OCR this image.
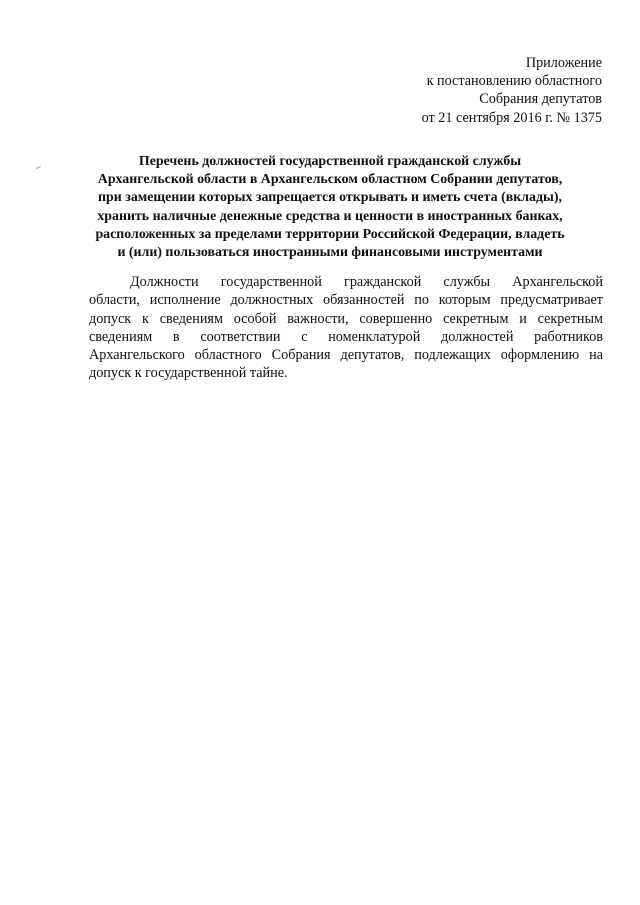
Приложение
к постановлению областного
Собрания депутатов
от 21 сентября 2016 г. № 1375
Перечень должностей государственной гражданской службы
Архангельской области в Архангельском областном Собрании депутатов,
при замещении которых запрещается открывать и иметь счета (вклады),
хранить наличные денежные средства и ценности в иностранных банках,
расположенных за пределами территории Российской Федерации, владеть
и (или) пользоваться иностранными финансовыми инструментами
Должности государственной гражданской службы Архангельской
области, исполнение должностных обязанностей по которым предусматривает
допуск к сведениям особой важности, совершенно секретным и секретным
сведениям в соответствии с номенклатурой должностей работников
Архангельского областного Собрания депутатов, подлежащих оформлению на
допуск к государственной тайне.
